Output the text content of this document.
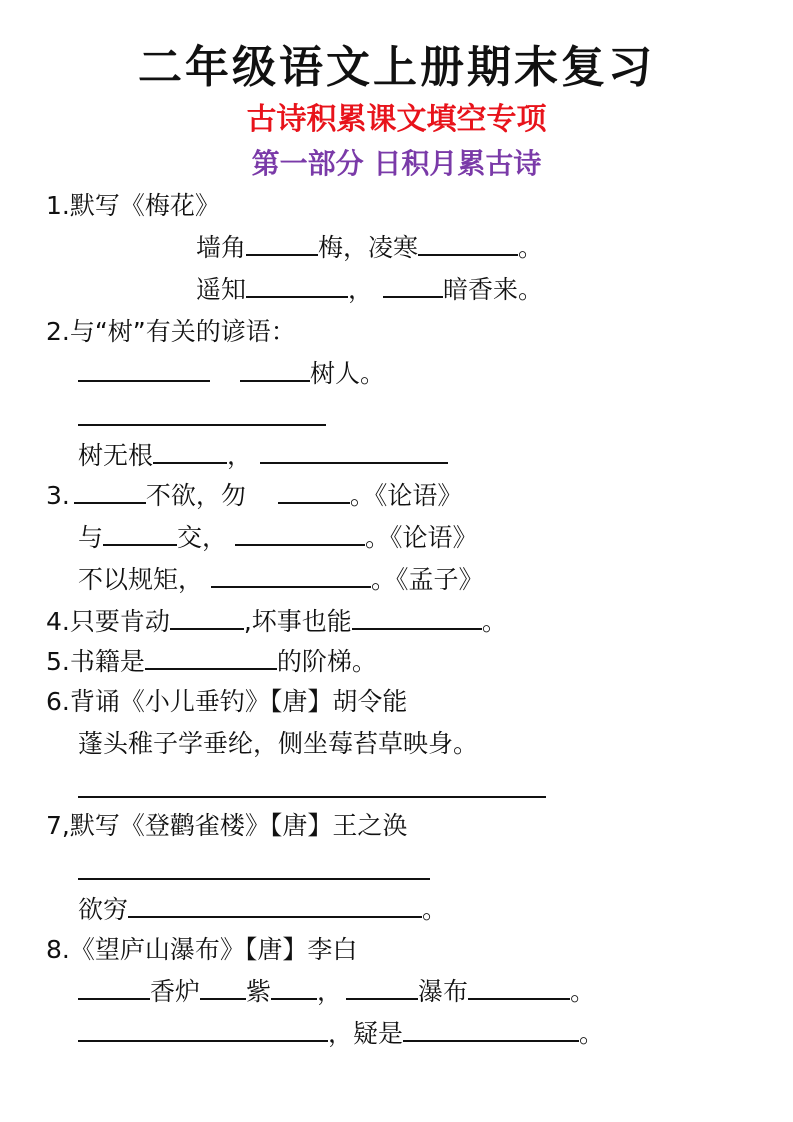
二年级语文上册期末复习
古诗积累课文填空专项
第一部分 日积月累古诗
1.默写《梅花》
墙角	梅，凌寒	。
遥知	，	暗香来。
2.与“树”有关的谚语：
树人。
树无根	，
3.	不欲，勿	。《论语》
与	交，	。《论语》
不以规矩，	。《孟子》
4.只要肯动	,坏事也能	。
5.书籍是	的阶梯。
6.背诵《小儿垂钓》【唐】胡令能
蓬头稚子学垂纶，侧坐莓苔草映身。
7,默写《登鹳雀楼》【唐】王之涣
欲穷	。
8.《望庐山瀑布》【唐】李白
香炉 紫 ，	瀑布	。
，疑是	。
